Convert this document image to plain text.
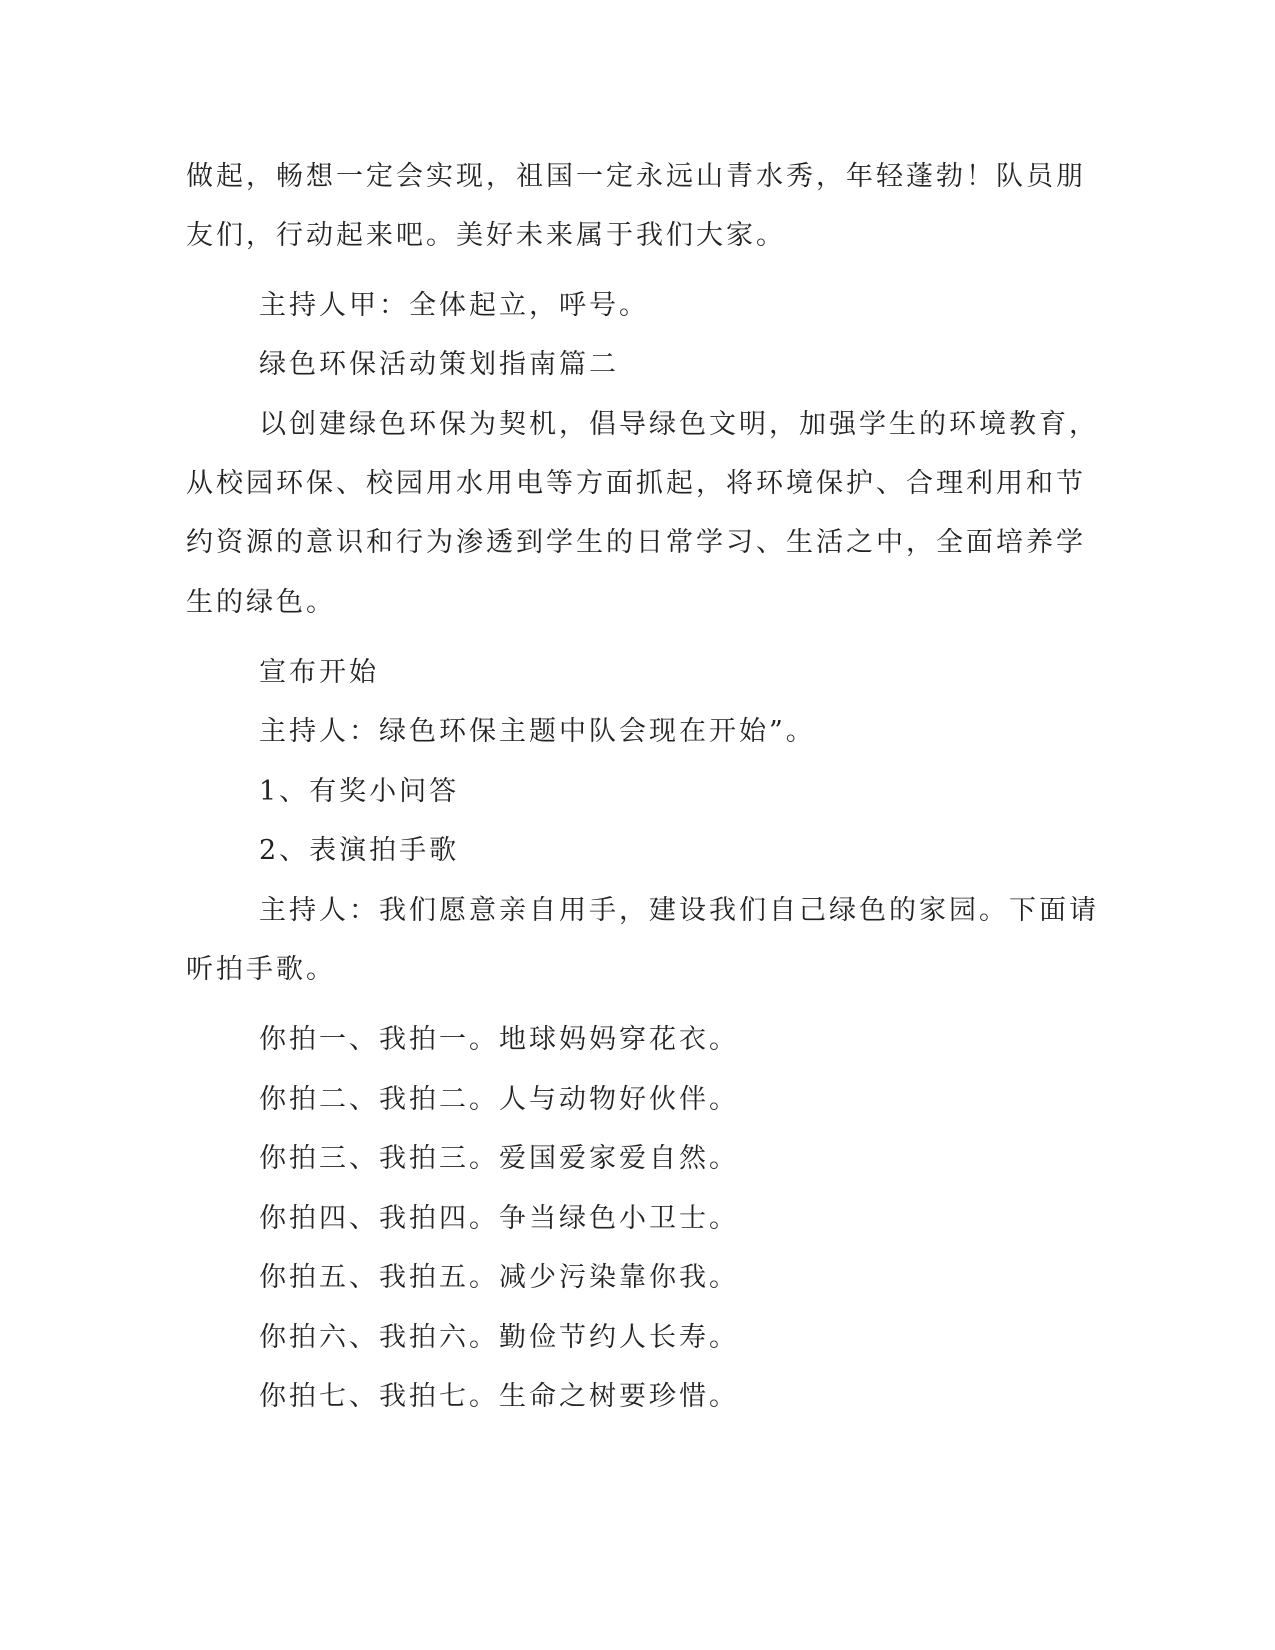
做起，畅想一定会实现，祖国一定永远山青水秀，年轻蓬勃！队员朋
友们，行动起来吧。美好未来属于我们大家。
主持人甲：全体起立，呼号。
绿色环保活动策划指南篇二
以创建绿色环保为契机，倡导绿色文明，加强学生的环境教育，
从校园环保、校园用水用电等方面抓起，将环境保护、合理利用和节
约资源的意识和行为渗透到学生的日常学习、生活之中，全面培养学
生的绿色。
宣布开始
主持人：绿色环保主题中队会现在开始”。
1、有奖小问答
2、表演拍手歌
主持人：我们愿意亲自用手，建设我们自己绿色的家园。下面请
听拍手歌。
你拍一、我拍一。地球妈妈穿花衣。
你拍二、我拍二。人与动物好伙伴。
你拍三、我拍三。爱国爱家爱自然。
你拍四、我拍四。争当绿色小卫士。
你拍五、我拍五。减少污染靠你我。
你拍六、我拍六。勤俭节约人长寿。
你拍七、我拍七。生命之树要珍惜。
